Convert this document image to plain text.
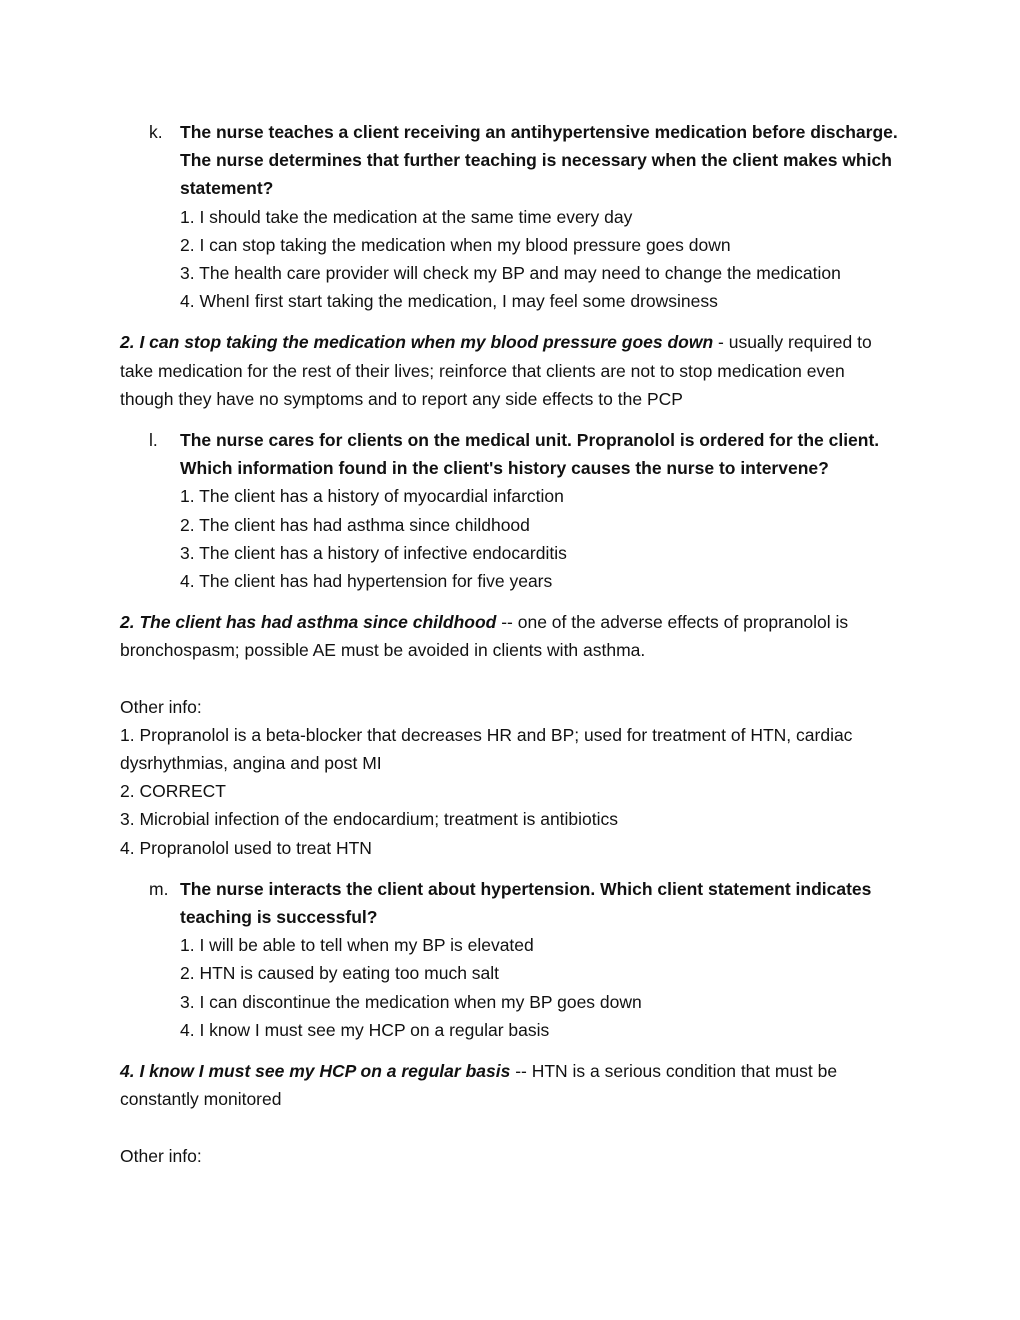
k. The nurse teaches a client receiving an antihypertensive medication before discharge. The nurse determines that further teaching is necessary when the client makes which statement?
1. I should take the medication at the same time every day
2. I can stop taking the medication when my blood pressure goes down
3. The health care provider will check my BP and may need to change the medication
4. WhenI first start taking the medication, I may feel some drowsiness
2. I can stop taking the medication when my blood pressure goes down - usually required to take medication for the rest of their lives; reinforce that clients are not to stop medication even though they have no symptoms and to report any side effects to the PCP
l.	The nurse cares for clients on the medical unit. Propranolol is ordered for the client. Which information found in the client's history causes the nurse to intervene?
1. The client has a history of myocardial infarction
2. The client has had asthma since childhood
3. The client has a history of infective endocarditis
4. The client has had hypertension for five years
2. The client has had asthma since childhood -- one of the adverse effects of propranolol is bronchospasm; possible AE must be avoided in clients with asthma.
Other info:
1. Propranolol is a beta-blocker that decreases HR and BP; used for treatment of HTN, cardiac dysrhythmias, angina and post MI
2. CORRECT
3. Microbial infection of the endocardium; treatment is antibiotics
4. Propranolol used to treat HTN
m. The nurse interacts the client about hypertension. Which client statement indicates teaching is successful?
1. I will be able to tell when my BP is elevated
2. HTN is caused by eating too much salt
3. I can discontinue the medication when my BP goes down
4. I know I must see my HCP on a regular basis
4. I know I must see my HCP on a regular basis -- HTN is a serious condition that must be constantly monitored
Other info:
